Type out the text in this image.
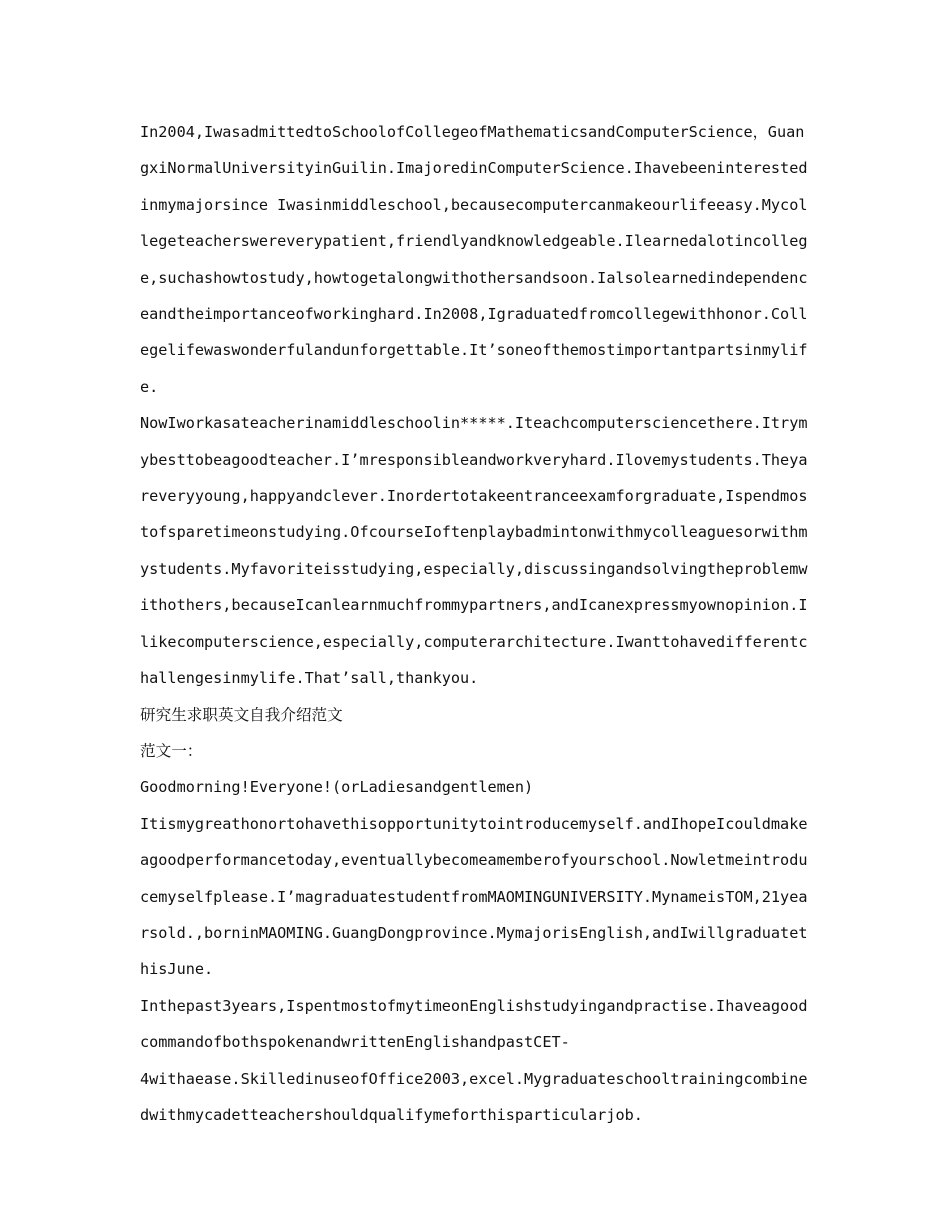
In2004,IwasadmittedtoSchoolofCollegeofMathematicsandComputerScience，GuangxiNormalUniversityinGuilin.ImajoredinComputerScience.Ihavebeeninterestedinmymajorsince Iwasinmiddleschool,becausecomputercanmakeourlifeeasy.Mycollegeteacherswereverypatient,friendlyandknowledgeable.Ilearnedalotincollege,suchashowtostudy,howtogetalongwithothersandsoon.Ialsolearnedindependenceandtheimportanceofworkinghard.In2008,Igraduatedfromcollegewithhonor.Collegelifewaswonderfulandunforgettable.It’soneofthemostimportantpartsinmylife.

NowIworkasateacherinamiddleschoolin*****.Iteachcomputersciencethere.Itrymybesttobeagoodteacher.I’mresponsibleandworkveryhard.Ilovemystudents.Theyareveryyoung,happyandclever.Inordertotakeentranceexamforgraduate,Ispendmostofsparetimeonstudying.OfcourseIoftenplaybadmintonwithmycolleaguesorwithmystudents.Myfavoriteisstudying,especially,discussingandsolvingtheproblemwithothers,becauseIcanlearnmuchfrommypartners,andIcanexpressmyownopinion.Ilikecomputerscience,especially,computerarchitecture.Iwanttohavedifferentchallengesinmylife.That’sall,thankyou.

研究生求职英文自我介绍范文

范文一：

Goodmorning!Everyone!(orLadiesandgentlemen)

Itismygreathonortohavethisopportunitytointroducemyself.andIhopeIcouldmakeagoodperformancetoday,eventuallybecomeamemberofyourschool.Nowletmeintroducemyselfplease.I’magraduatestudentfromMAOMINGUNIVERSITY.MynameisTOM,21yearsold.,borninMAOMING.GuangDongprovince.MymajorisEnglish,andIwillgraduatethisJune.

Inthepast3years,IspentmostofmytimeonEnglishstudyingandpractise.IhaveagoodcommandofbothspokenandwrittenEnglishandpastCET-

4withaease.SkilledinuseofOffice2003,excel.Mygraduateschooltrainingcombinedwithmycadetteachershouldqualifymeforthisparticularjob.
